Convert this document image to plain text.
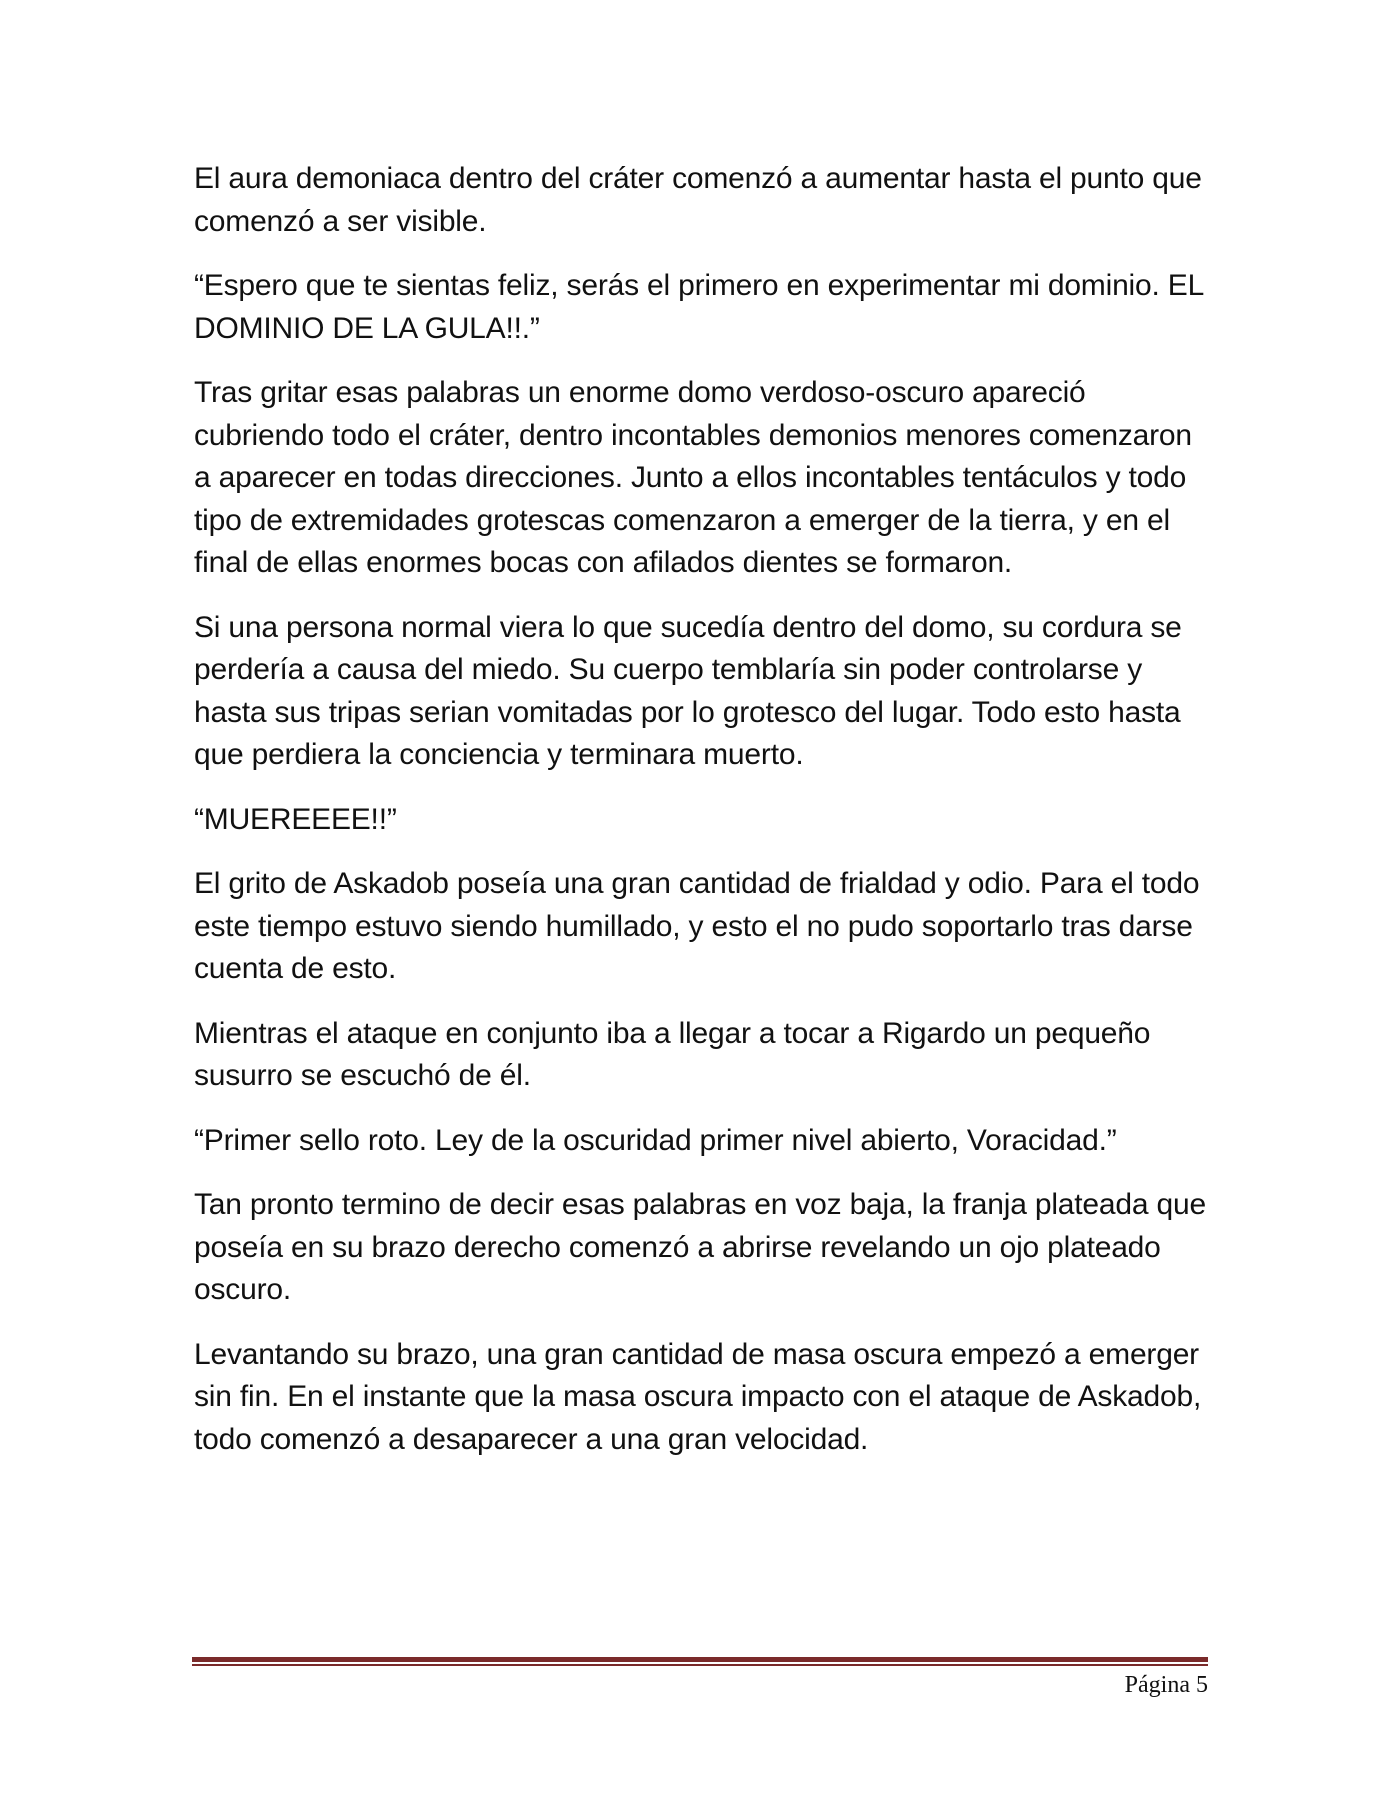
El aura demoniaca dentro del cráter comenzó a aumentar hasta el punto que comenzó a ser visible.

“Espero que te sientas feliz, serás el primero en experimentar mi dominio. EL DOMINIO DE LA GULA!!.”

Tras gritar esas palabras un enorme domo verdoso-oscuro apareció cubriendo todo el cráter, dentro incontables demonios menores comenzaron a aparecer en todas direcciones. Junto a ellos incontables tentáculos y todo tipo de extremidades grotescas comenzaron a emerger de la tierra, y en el final de ellas enormes bocas con afilados dientes se formaron.

Si una persona normal viera lo que sucedía dentro del domo, su cordura se perdería a causa del miedo. Su cuerpo temblaría sin poder controlarse y hasta sus tripas serian vomitadas por lo grotesco del lugar. Todo esto hasta que perdiera la conciencia y terminara muerto.

“MUEREEEE!!”

El grito de Askadob poseía una gran cantidad de frialdad y odio. Para el todo este tiempo estuvo siendo humillado, y esto el no pudo soportarlo tras darse cuenta de esto.

Mientras el ataque en conjunto iba a llegar a tocar a Rigardo un pequeño susurro se escuchó de él.

“Primer sello roto. Ley de la oscuridad primer nivel abierto, Voracidad.”

Tan pronto termino de decir esas palabras en voz baja, la franja plateada que poseía en su brazo derecho comenzó a abrirse revelando un ojo plateado oscuro.

Levantando su brazo, una gran cantidad de masa oscura empezó a emerger sin fin. En el instante que la masa oscura impacto con el ataque de Askadob, todo comenzó a desaparecer a una gran velocidad.

Página 5
